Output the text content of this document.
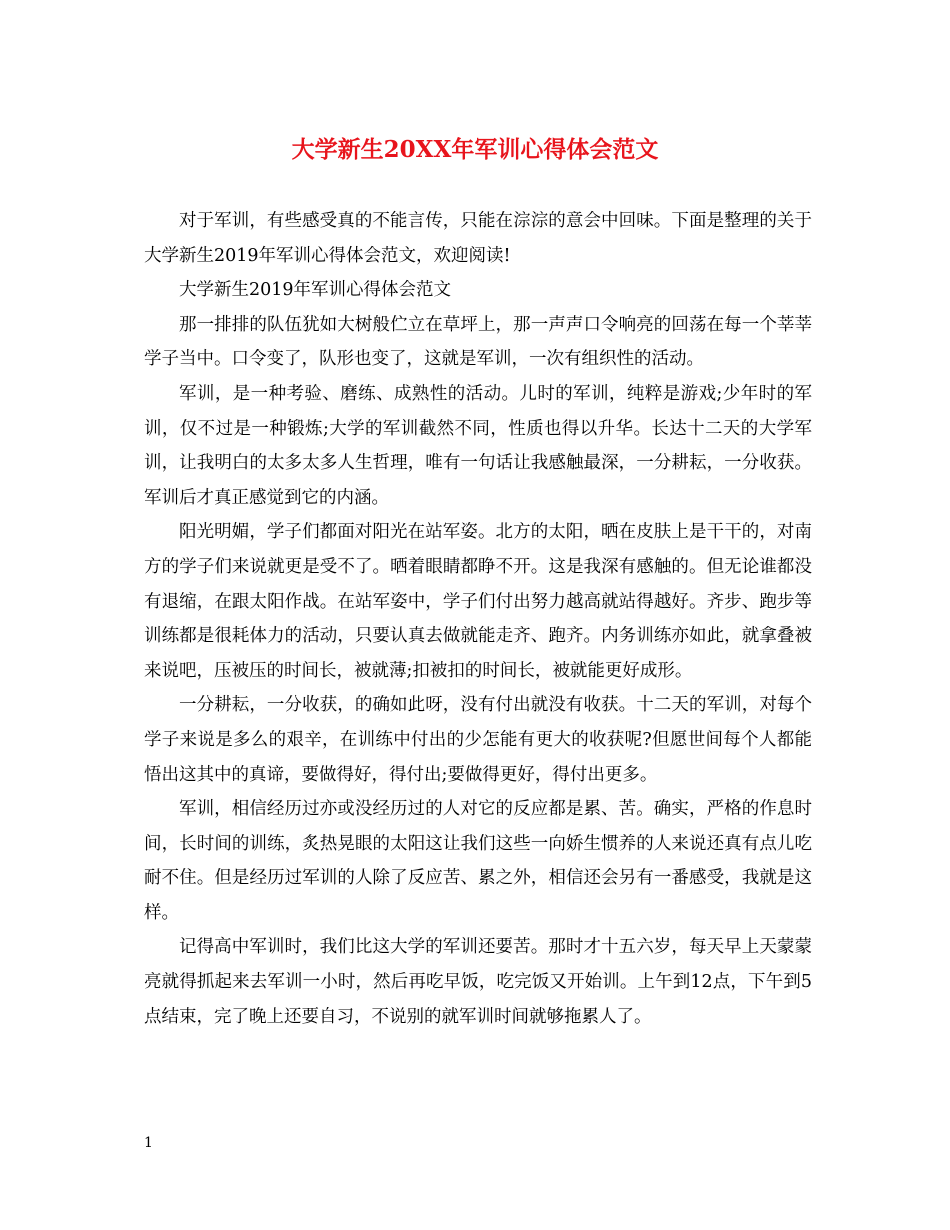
大学新生20XX年军训心得体会范文

对于军训，有些感受真的不能言传，只能在淙淙的意会中回味。下面是整理的关于大学新生2019年军训心得体会范文，欢迎阅读!

大学新生2019年军训心得体会范文

那一排排的队伍犹如大树般伫立在草坪上，那一声声口令响亮的回荡在每一个莘莘学子当中。口令变了，队形也变了，这就是军训，一次有组织性的活动。

军训，是一种考验、磨练、成熟性的活动。儿时的军训，纯粹是游戏;少年时的军训，仅不过是一种锻炼;大学的军训截然不同，性质也得以升华。长达十二天的大学军训，让我明白的太多太多人生哲理，唯有一句话让我感触最深，一分耕耘，一分收获。军训后才真正感觉到它的内涵。

阳光明媚，学子们都面对阳光在站军姿。北方的太阳，晒在皮肤上是干干的，对南方的学子们来说就更是受不了。晒着眼睛都睁不开。这是我深有感触的。但无论谁都没有退缩，在跟太阳作战。在站军姿中，学子们付出努力越高就站得越好。齐步、跑步等训练都是很耗体力的活动，只要认真去做就能走齐、跑齐。内务训练亦如此，就拿叠被来说吧，压被压的时间长，被就薄;扣被扣的时间长，被就能更好成形。

一分耕耘，一分收获，的确如此呀，没有付出就没有收获。十二天的军训，对每个学子来说是多么的艰辛，在训练中付出的少怎能有更大的收获呢?但愿世间每个人都能悟出这其中的真谛，要做得好，得付出;要做得更好，得付出更多。

军训，相信经历过亦或没经历过的人对它的反应都是累、苦。确实，严格的作息时间，长时间的训练，炙热晃眼的太阳这让我们这些一向娇生惯养的人来说还真有点儿吃耐不住。但是经历过军训的人除了反应苦、累之外，相信还会另有一番感受，我就是这样。

记得高中军训时，我们比这大学的军训还要苦。那时才十五六岁，每天早上天蒙蒙亮就得抓起来去军训一小时，然后再吃早饭，吃完饭又开始训。上午到12点，下午到5点结束，完了晚上还要自习，不说别的就军训时间就够拖累人了。

1
